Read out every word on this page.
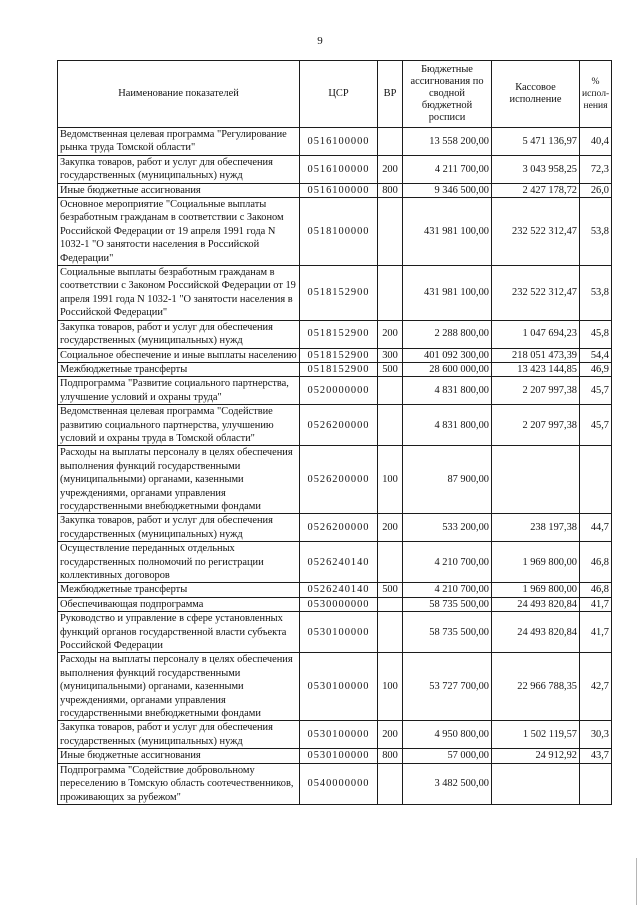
9
Наименование показателей	ЦСР	ВР	Бюджетные ассигнования по сводной бюджетной росписи	Кассовое исполнение	% испол-нения
Ведомственная целевая программа "Регулирование рынка труда Томской области"	0516100000		13 558 200,00	5 471 136,97	40,4
Закупка товаров, работ и услуг для обеспечения государственных (муниципальных) нужд	0516100000	200	4 211 700,00	3 043 958,25	72,3
Иные бюджетные ассигнования	0516100000	800	9 346 500,00	2 427 178,72	26,0
Основное мероприятие "Социальные выплаты безработным гражданам в соответствии с Законом Российской Федерации от 19 апреля 1991 года N 1032-1 "О занятости населения в Российской Федерации"	0518100000		431 981 100,00	232 522 312,47	53,8
Социальные выплаты безработным гражданам в соответствии с Законом Российской Федерации от 19 апреля 1991 года N 1032-1 "О занятости населения в Российской Федерации"	0518152900		431 981 100,00	232 522 312,47	53,8
Закупка товаров, работ и услуг для обеспечения государственных (муниципальных) нужд	0518152900	200	2 288 800,00	1 047 694,23	45,8
Социальное обеспечение и иные выплаты населению	0518152900	300	401 092 300,00	218 051 473,39	54,4
Межбюджетные трансферты	0518152900	500	28 600 000,00	13 423 144,85	46,9
Подпрограмма "Развитие социального партнерства, улучшение условий и охраны труда"	0520000000		4 831 800,00	2 207 997,38	45,7
Ведомственная целевая программа "Содействие развитию социального партнерства, улучшению условий и охраны труда в Томской области"	0526200000		4 831 800,00	2 207 997,38	45,7
Расходы на выплаты персоналу в целях обеспечения выполнения функций государственными (муниципальными) органами, казенными учреждениями, органами управления государственными внебюджетными фондами	0526200000	100	87 900,00		
Закупка товаров, работ и услуг для обеспечения государственных (муниципальных) нужд	0526200000	200	533 200,00	238 197,38	44,7
Осуществление переданных отдельных государственных полномочий по регистрации коллективных договоров	0526240140		4 210 700,00	1 969 800,00	46,8
Межбюджетные трансферты	0526240140	500	4 210 700,00	1 969 800,00	46,8
Обеспечивающая подпрограмма	0530000000		58 735 500,00	24 493 820,84	41,7
Руководство и управление в сфере установленных функций органов государственной власти субъекта Российской Федерации	0530100000		58 735 500,00	24 493 820,84	41,7
Расходы на выплаты персоналу в целях обеспечения выполнения функций государственными (муниципальными) органами, казенными учреждениями, органами управления государственными внебюджетными фондами	0530100000	100	53 727 700,00	22 966 788,35	42,7
Закупка товаров, работ и услуг для обеспечения государственных (муниципальных) нужд	0530100000	200	4 950 800,00	1 502 119,57	30,3
Иные бюджетные ассигнования	0530100000	800	57 000,00	24 912,92	43,7
Подпрограмма "Содействие добровольному переселению в Томскую область соотечественников, проживающих за рубежом"	0540000000		3 482 500,00		
